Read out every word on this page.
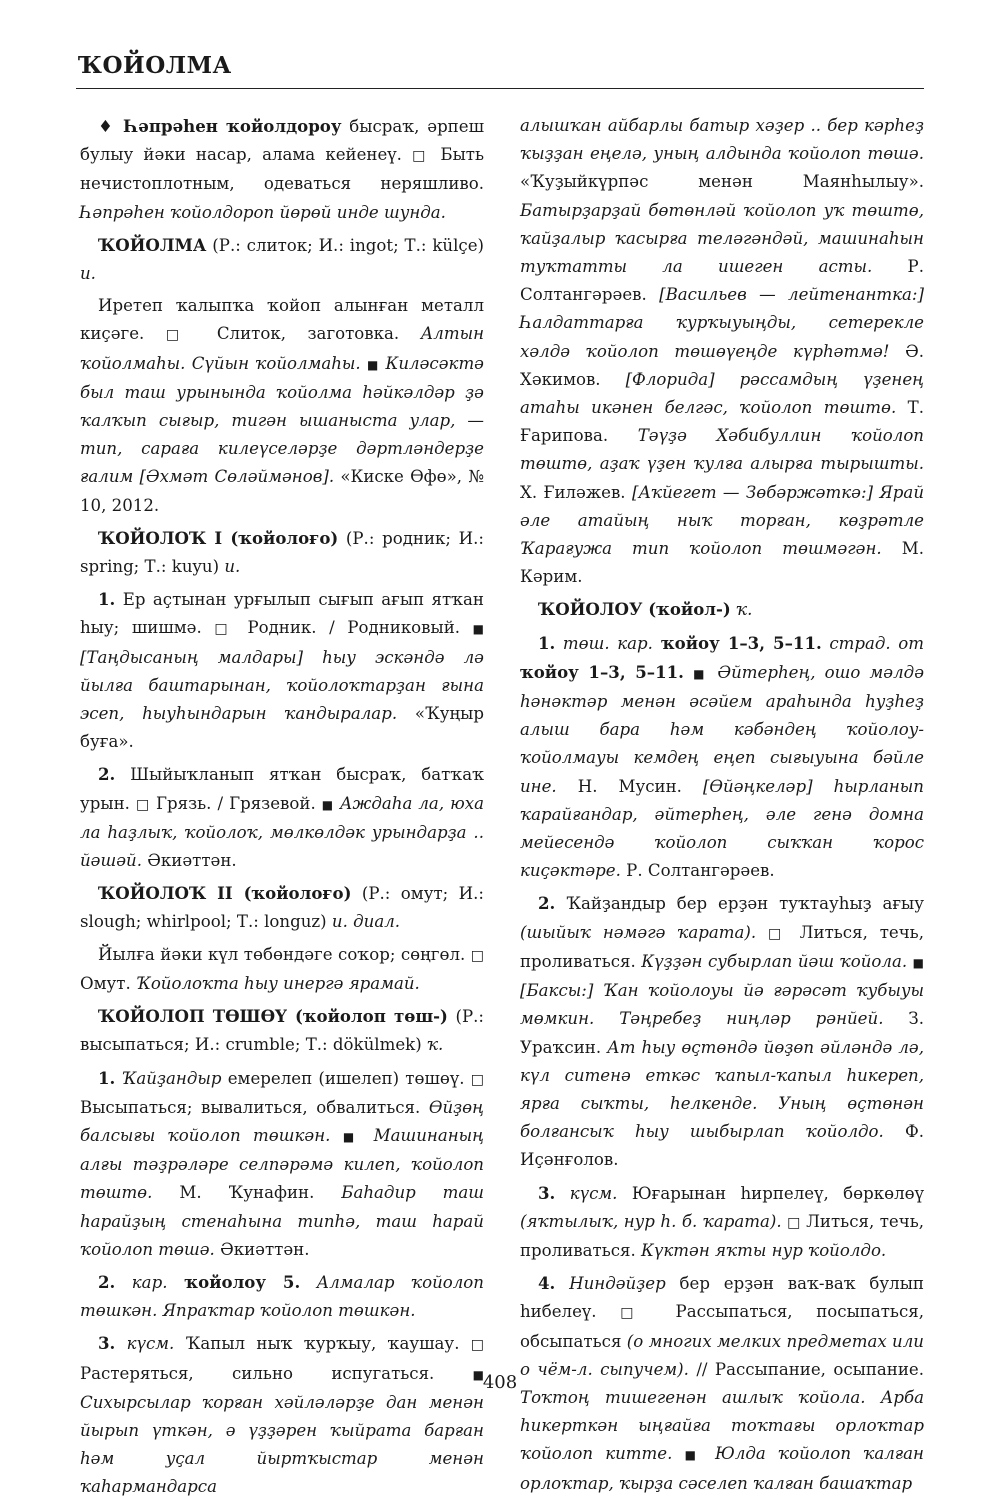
ҠОЙОЛМА

♦ Һәпрәһен ҡойолдороу бысраҡ, әрпеш булыу йәки насар, алама кейенеү. □ Быть нечистоплотным, одеваться неряшливо. Һәпрәһен ҡойолдороп йөрөй инде шунда.

ҠОЙОЛМА (Р.: слиток; И.: ingot; Т.: külçe) и.

Иретеп ҡалыпҡа ҡойоп алынған металл киҫәге. □ Слиток, заготовка. Алтын ҡойолмаһы. Сүйын ҡойолмаһы. ■ Киләсәктә был таш урынында ҡойолма һәйкәлдәр ҙә ҡалҡып сығыр, тигән ышаныста улар, — тип, сараға килеүселәрҙе дәртләндерҙе ғалим [Әхмәт Сөләймәнов]. «Киске Өфө», № 10, 2012.

ҠОЙОЛОҠ I (ҡойолоғо) (Р.: родник; И.: spring; Т.: kuyu) и.

1. Ер аҫтынан урғылып сығып ағып ятҡан һыу; шишмә. □ Родник. / Родниковый. ■ [Таңдысаның малдары] һыу эскәндә лә йылға баштарынан, ҡойолоҡтарҙан ғына эсеп, һыуһындарын ҡандыралар. «Ҡуңыр буға».

2. Шыйыҡланып ятҡан бысраҡ, батҡаҡ урын. □ Грязь. / Грязевой. ■ Аждаһа ла, юха ла һаҙлыҡ, ҡойолоҡ, мөлкөлдәк урындарҙа .. йәшәй. Әкиәттән.

ҠОЙОЛОҠ II (ҡойолоғо) (Р.: омут; И.: slough; whirlpool; Т.: longuz) и. диал.

Йылға йәки күл төбөндәге соҡор; сөңгөл. □ Омут. Ҡойолоҡта һыу инергә ярамай.

ҠОЙОЛОП ТӨШӨҮ (ҡойолоп төш-) (Р.: высыпаться; И.: crumble; Т.: dökülmek) ҡ.

1. Ҡайҙандыр емерелеп (ишелеп) төшөү. □ Высыпаться; вывалиться, обвалиться. Өйҙөң балсығы ҡойолоп төшкән. ■ Машинаның алғы тәҙрәләре селпәрәмә килеп, ҡойолоп төштө. М. Ҡунафин. Баһадир таш һарайҙың стенаһына типһә, таш һарай ҡойолоп төшә. Әкиәттән.

2. кар. ҡойолоу 5. Алмалар ҡойолоп төшкән. Япраҡтар ҡойолоп төшкән.

3. күсм. Ҡапыл ныҡ ҡурҡыу, ҡаушау. □ Растеряться, сильно испугаться. ■ Сихырсылар ҡорған хәйләләрҙе дан менән йырып үткән, ә үҙҙәрен ҡыйрата барған һәм уҫал йыртҡыстар менән ҡаһармандарса

алышҡан айбарлы батыр хәҙер .. бер кәрһеҙ ҡыҙҙан еңелә, уның алдында ҡойолоп төшә. «Ҡуҙыйкүрпәс менән Маянһылыу». Батырҙарҙай бөтөнләй ҡойолоп уҡ төштө, ҡайҙалыр ҡасырға теләгәндәй, машинаһын туҡтатты ла ишеген асты. Р. Солтангәрәев. [Васильев — лейтенантка:] Һалдаттарға ҡурҡыуыңды, сетерекле хәлдә ҡойолоп төшөүеңде күрһәтмә! Ә. Хәкимов. [Флорида] рәссамдың үҙенең атаһы икәнен белгәс, ҡойолоп төштө. Т. Ғарипова. Тәүҙә Хәбибуллин ҡойолоп төштө, аҙаҡ үҙен ҡулға алырға тырышты. Х. Ғиләжев. [Аҡйегет — Зөбәржәткә:] Ярай әле атайың ныҡ торған, көҙрәтле Ҡарағужа тип ҡойолоп төшмәгән. М. Кәрим.

ҠОЙОЛОУ (ҡойол-) ҡ.

1. төш. кар. ҡойоу 1–3, 5–11. страд. от ҡойоу 1–3, 5–11. ■ Әйтерһең, ошо мәлдә һәнәктәр менән әсәйем араһында һуҙһеҙ алыш бара һәм кәбәндең ҡойолоу-ҡойолмауы кемдең еңеп сығыуына бәйле ине. Н. Мусин. [Өйәңкеләр] һырланып ҡарайғандар, әйтерһең, әле генә домна мейесендә ҡойолоп сыҡҡан ҡорос киҫәктәре. Р. Солтангәрәев.

2. Ҡайҙандыр бер ерҙән туҡтауһыҙ ағыу (шыйыҡ нәмәгә ҡарата). □ Литься, течь, проливаться. Күҙҙән субырлап йәш ҡойола. ■ [Баксы:] Ҡан ҡойолоуы йә ғәрәсәт ҡубыуы мөмкин. Тәңребеҙ ниңләр рәнйей. З. Ураҡсин. Ат һыу өҫтөндә йөҙөп әйләндә лә, күл ситенә еткәс ҡапыл-ҡапыл һикереп, ярға сыҡты, һелкенде. Уның өҫтөнән болғансыҡ һыу шыбырлап ҡойолдо. Ф. Иҫәнғолов.

3. күсм. Юғарынан һирпелеү, бөркөлөү (яҡтылыҡ, нур һ. б. ҡарата). □ Литься, течь, проливаться. Күктән яҡты нур ҡойолдо.

4. Ниндәйҙер бер ерҙән ваҡ-ваҡ булып һибелеү. □ Рассыпаться, посыпаться, обсыпаться (о многих мелких предметах или о чём-л. сыпучем). // Рассыпание, осыпание. Тоҡтоң тишегенән ашлыҡ ҡойола. Арба һикерткән ыңғайға тоҡтағы орлоҡтар ҡойолоп китте. ■ Юлда ҡойолоп ҡалған орлоҡтар, ҡырҙа сәселеп ҡалған башаҡтар

408
